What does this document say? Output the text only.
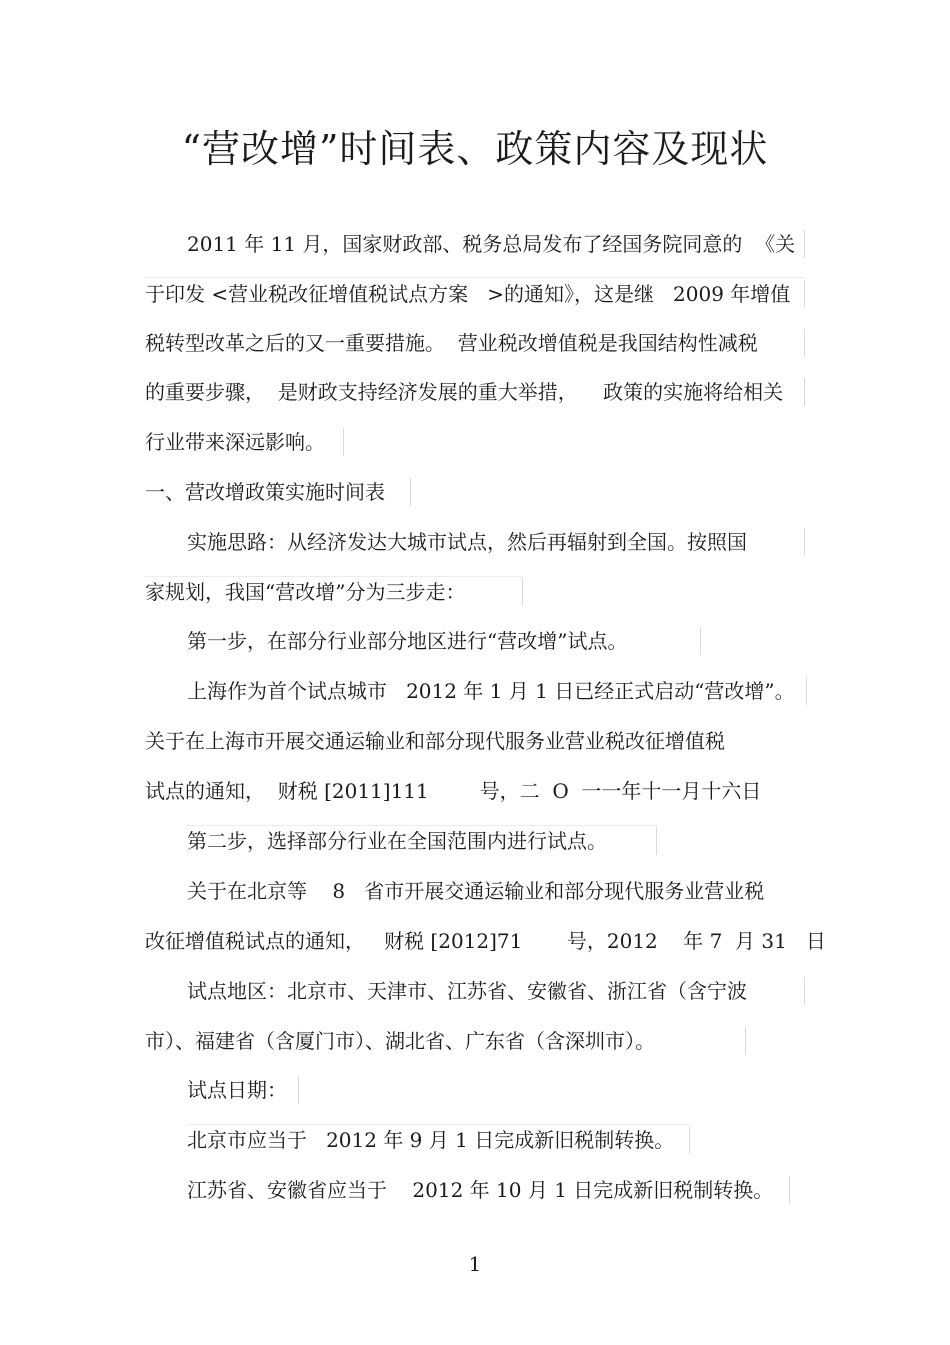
“营改增”时间表、政策内容及现状
2011 年 11 月，国家财政部、税务总局发布了经国务院同意的  《关
于印发 <营业税改征增值税试点方案   >的通知》，这是继   2009 年增值
税转型改革之后的又一重要措施。  营业税改增值税是我国结构性减税
的重要步骤，  是财政支持经济发展的重大举措，    政策的实施将给相关
行业带来深远影响。
一、营改增政策实施时间表
实施思路：从经济发达大城市试点，然后再辐射到全国。按照国
家规划，我国“营改增”分为三步走：
第一步，在部分行业部分地区进行“营改增”试点。
上海作为首个试点城市   2012 年 1 月 1 日已经正式启动“营改增”。
关于在上海市开展交通运输业和部分现代服务业营业税改征增值税
试点的通知，  财税 [2011]111        号，二  O  一一年十一月十六日
第二步，选择部分行业在全国范围内进行试点。
关于在北京等    8   省市开展交通运输业和部分现代服务业营业税
改征增值税试点的通知，   财税 [2012]71       号，2012    年 7  月 31   日
试点地区：北京市、天津市、江苏省、安徽省、浙江省（含宁波
市）、福建省（含厦门市）、湖北省、广东省（含深圳市）。
试点日期：
北京市应当于   2012 年 9 月 1 日完成新旧税制转换。
江苏省、安徽省应当于    2012 年 10 月 1 日完成新旧税制转换。
1
